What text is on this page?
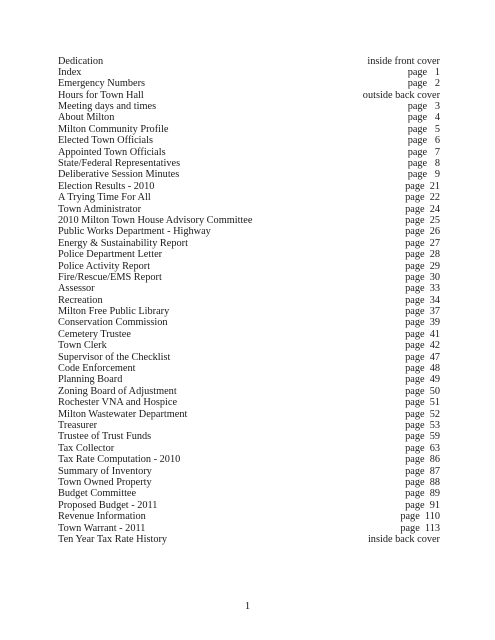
Dedication	inside front cover
Index	page   1
Emergency Numbers	page   2
Hours for Town Hall	outside back cover
Meeting days and times	page   3
About Milton	page   4
Milton Community Profile	page   5
Elected Town Officials	page   6
Appointed Town Officials	page   7
State/Federal Representatives	page   8
Deliberative Session Minutes	page   9
Election Results - 2010	page  21
A Trying Time For All	page  22
Town Administrator	page  24
2010 Milton Town House Advisory Committee	page  25
Public Works Department - Highway	page  26
Energy & Sustainability Report	page  27
Police Department Letter	page  28
Police Activity Report	page  29
Fire/Rescue/EMS Report	page  30
Assessor	page  33
Recreation	page  34
Milton Free Public Library	page  37
Conservation Commission	page  39
Cemetery Trustee	page  41
Town Clerk	page  42
Supervisor of the Checklist	page  47
Code Enforcement	page  48
Planning Board	page  49
Zoning Board of Adjustment	page  50
Rochester VNA and Hospice	page  51
Milton Wastewater Department	page  52
Treasurer	page  53
Trustee of Trust Funds	page  59
Tax Collector	page  63
Tax Rate Computation - 2010	page  86
Summary of Inventory	page  87
Town Owned Property	page  88
Budget Committee	page  89
Proposed Budget - 2011	page  91
Revenue Information	page  110
Town Warrant - 2011	page  113
Ten Year Tax Rate History	inside back cover
1
